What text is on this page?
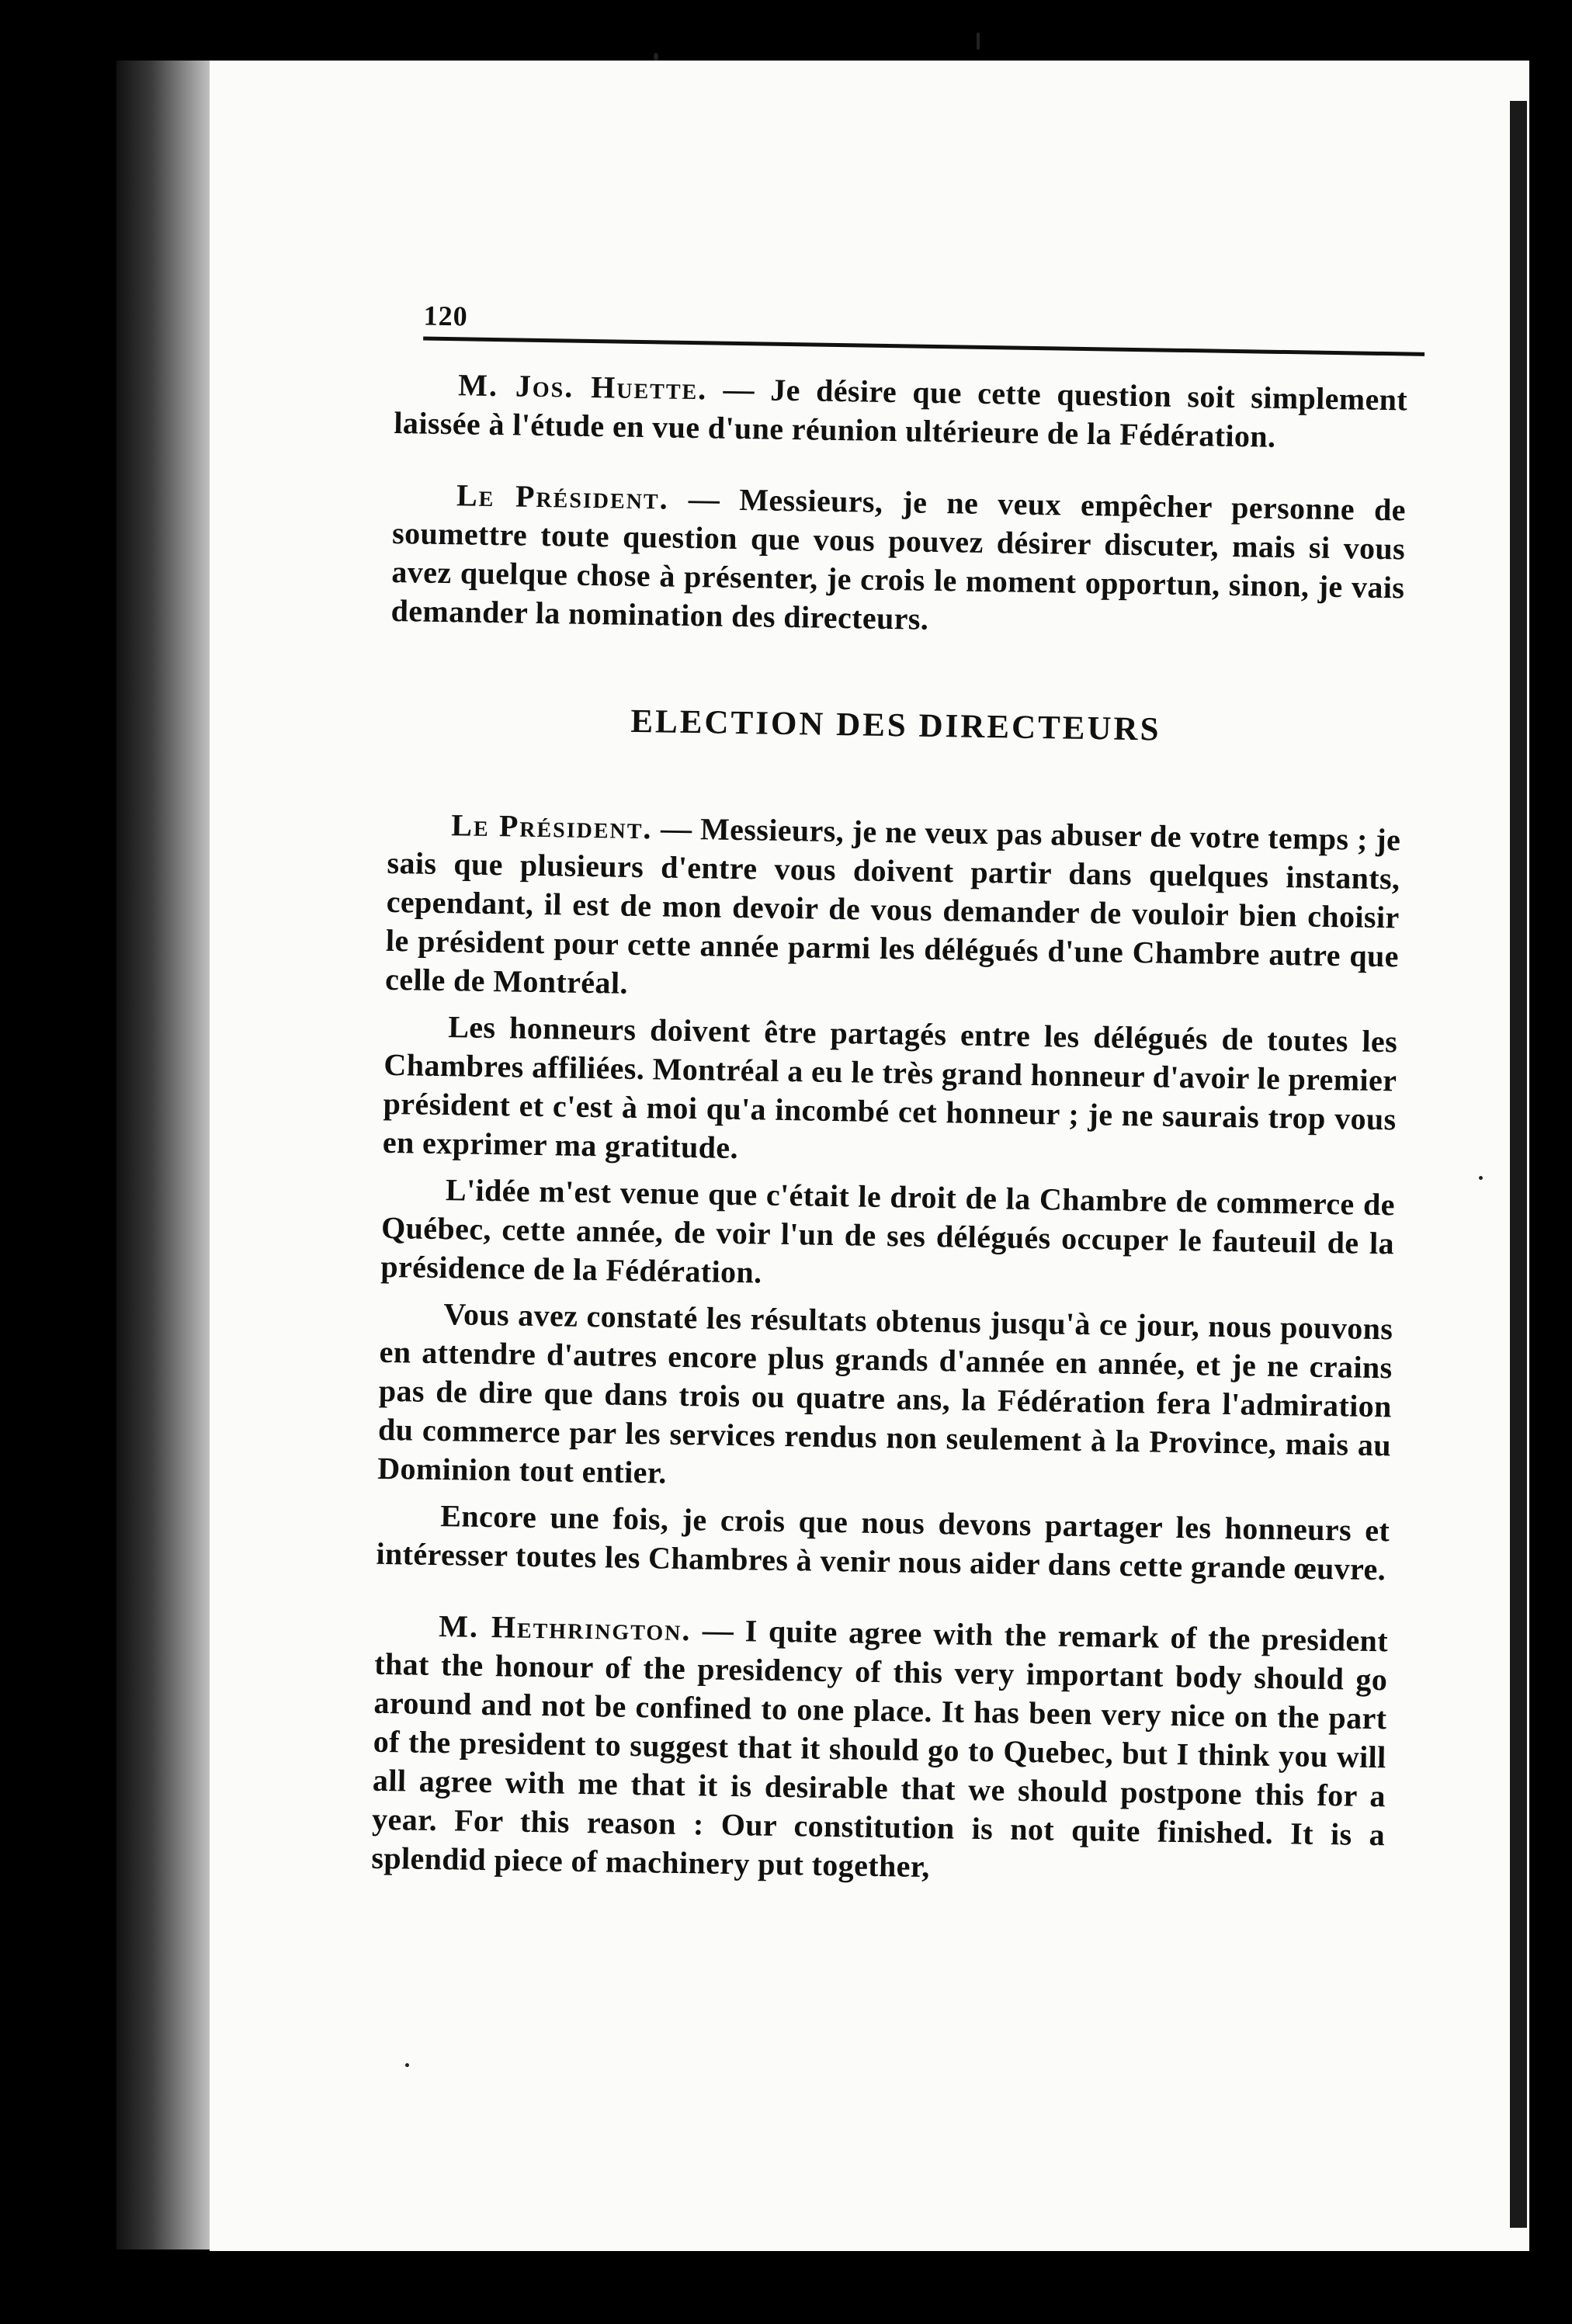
120

M. Jos. Huette. — Je désire que cette question soit simplement laissée à l'étude en vue d'une réunion ultérieure de la Fédération.

Le Président. — Messieurs, je ne veux empêcher personne de soumettre toute question que vous pouvez désirer discuter, mais si vous avez quelque chose à présenter, je crois le moment opportun, sinon, je vais demander la nomination des directeurs.

ELECTION DES DIRECTEURS

Le Président. — Messieurs, je ne veux pas abuser de votre temps ; je sais que plusieurs d'entre vous doivent partir dans quelques instants, cependant, il est de mon devoir de vous demander de vouloir bien choisir le président pour cette année parmi les délégués d'une Chambre autre que celle de Montréal.

Les honneurs doivent être partagés entre les délégués de toutes les Chambres affiliées. Montréal a eu le très grand honneur d'avoir le premier président et c'est à moi qu'a incombé cet honneur ; je ne saurais trop vous en exprimer ma gratitude.

L'idée m'est venue que c'était le droit de la Chambre de commerce de Québec, cette année, de voir l'un de ses délégués occuper le fauteuil de la présidence de la Fédération.

Vous avez constaté les résultats obtenus jusqu'à ce jour, nous pouvons en attendre d'autres encore plus grands d'année en année, et je ne crains pas de dire que dans trois ou quatre ans, la Fédération fera l'admiration du commerce par les services rendus non seulement à la Province, mais au Dominion tout entier.

Encore une fois, je crois que nous devons partager les honneurs et intéresser toutes les Chambres à venir nous aider dans cette grande œuvre.

M. Hethrington. — I quite agree with the remark of the president that the honour of the presidency of this very important body should go around and not be confined to one place. It has been very nice on the part of the president to suggest that it should go to Quebec, but I think you will all agree with me that it is desirable that we should postpone this for a year. For this reason : Our constitution is not quite finished. It is a splendid piece of machinery put together,
